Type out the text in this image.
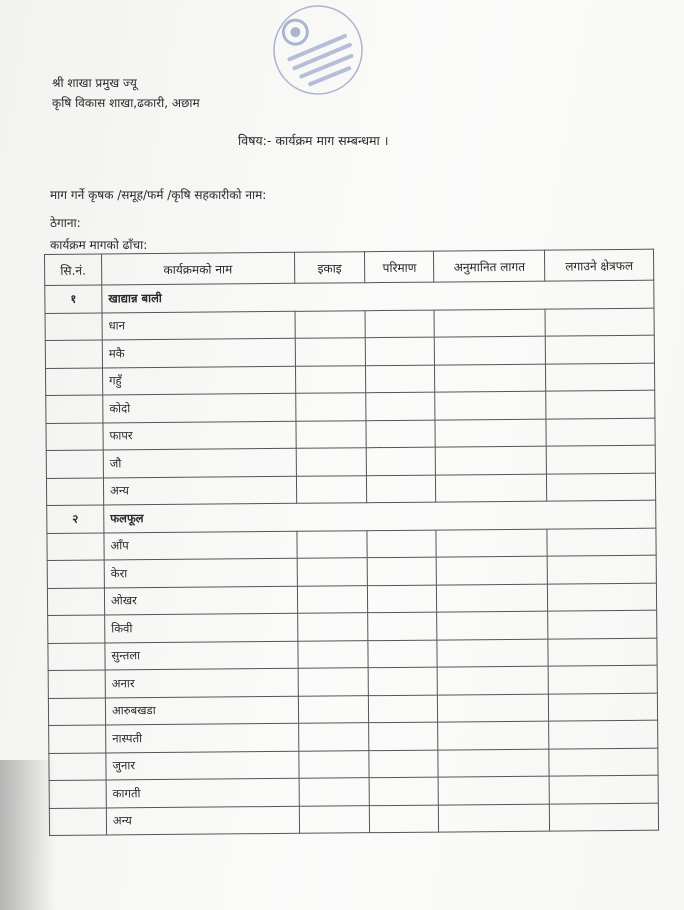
श्री शाखा प्रमुख ज्यू
कृषि विकास शाखा,ढकारी, अछाम
विषय:- कार्यक्रम माग सम्बन्धमा ।
माग गर्ने कृषक /समूह/फर्म /कृषि सहकारीको नाम:
ठेगाना:
कार्यक्रम मागको ढाँचा:
सि.नं.	कार्यक्रमको नाम	इकाइ	परिमाण	अनुमानित लागत	लगाउने क्षेत्रफल
१	खाद्यान्न बाली				
	धान				
	मकै				
	गहुँ				
	कोदो				
	फापर				
	जौ				
	अन्य				
२	फलफूल				
	आँप				
	केरा				
	ओखर				
	किवी				
	सुन्तला				
	अनार				
	आरुबखडा				
	नास्पती				
	जुनार				
	कागती				
	अन्य				
